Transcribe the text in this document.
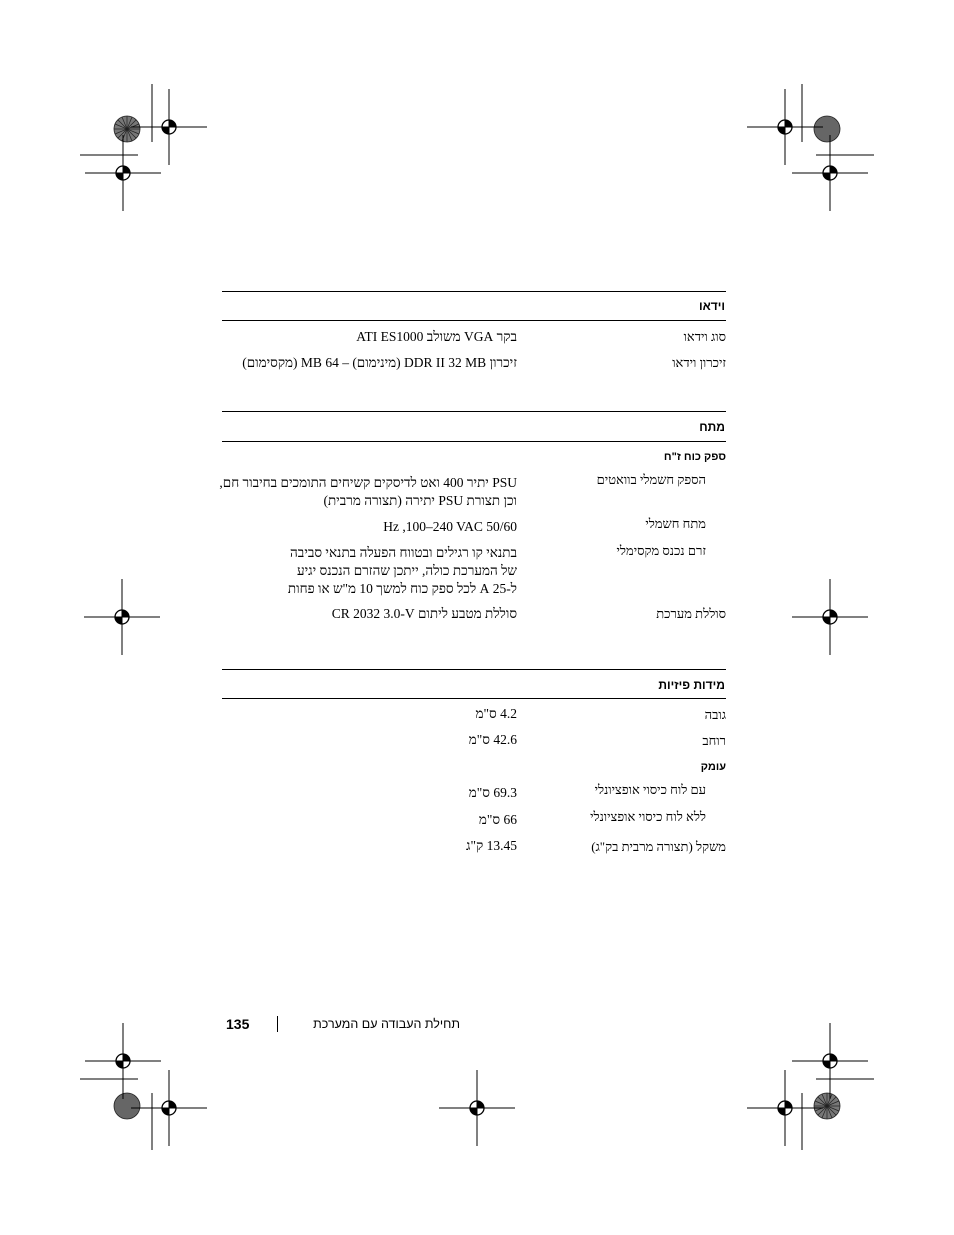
וידאו
סוג וידאו
בקר VGA משולב ATI ES1000
זיכרון וידאו
זיכרון DDR II 32 MB (מינימום) – 64 MB (מקסימום)
מתח
ספק כוח ז"ח
הספק חשמלי בוואטים
PSU יתיר 400 ואט לדיסקים קשיחים התומכים בחיבור חם,
וכן תצורת PSU יתירה (תצורה מרבית)
מתח חשמלי
50/60 Hz ,100–240 VAC
זרם נכנס מקסימלי
בתנאי קו רגילים ובטווח הפעלה בתנאי סביבה
של המערכת כולה, ייתכן שהזרם הנכנס יגיע
ל-25 A לכל ספק כוח למשך 10 מ"ש או פחות
סוללת מערכת
סוללת מטבע ליתום CR 2032 3.0-V
מידות פיזיות
גובה
4.2 ס"מ
רוחב
42.6 ס"מ
עומק
עם לוח כיסוי אופציונלי
69.3 ס"מ
ללא לוח כיסוי אופציונלי
66 ס"מ
משקל (תצורה מרבית בק"ג)
13.45 ק"ג
תחילת העבודה עם המערכת
135
